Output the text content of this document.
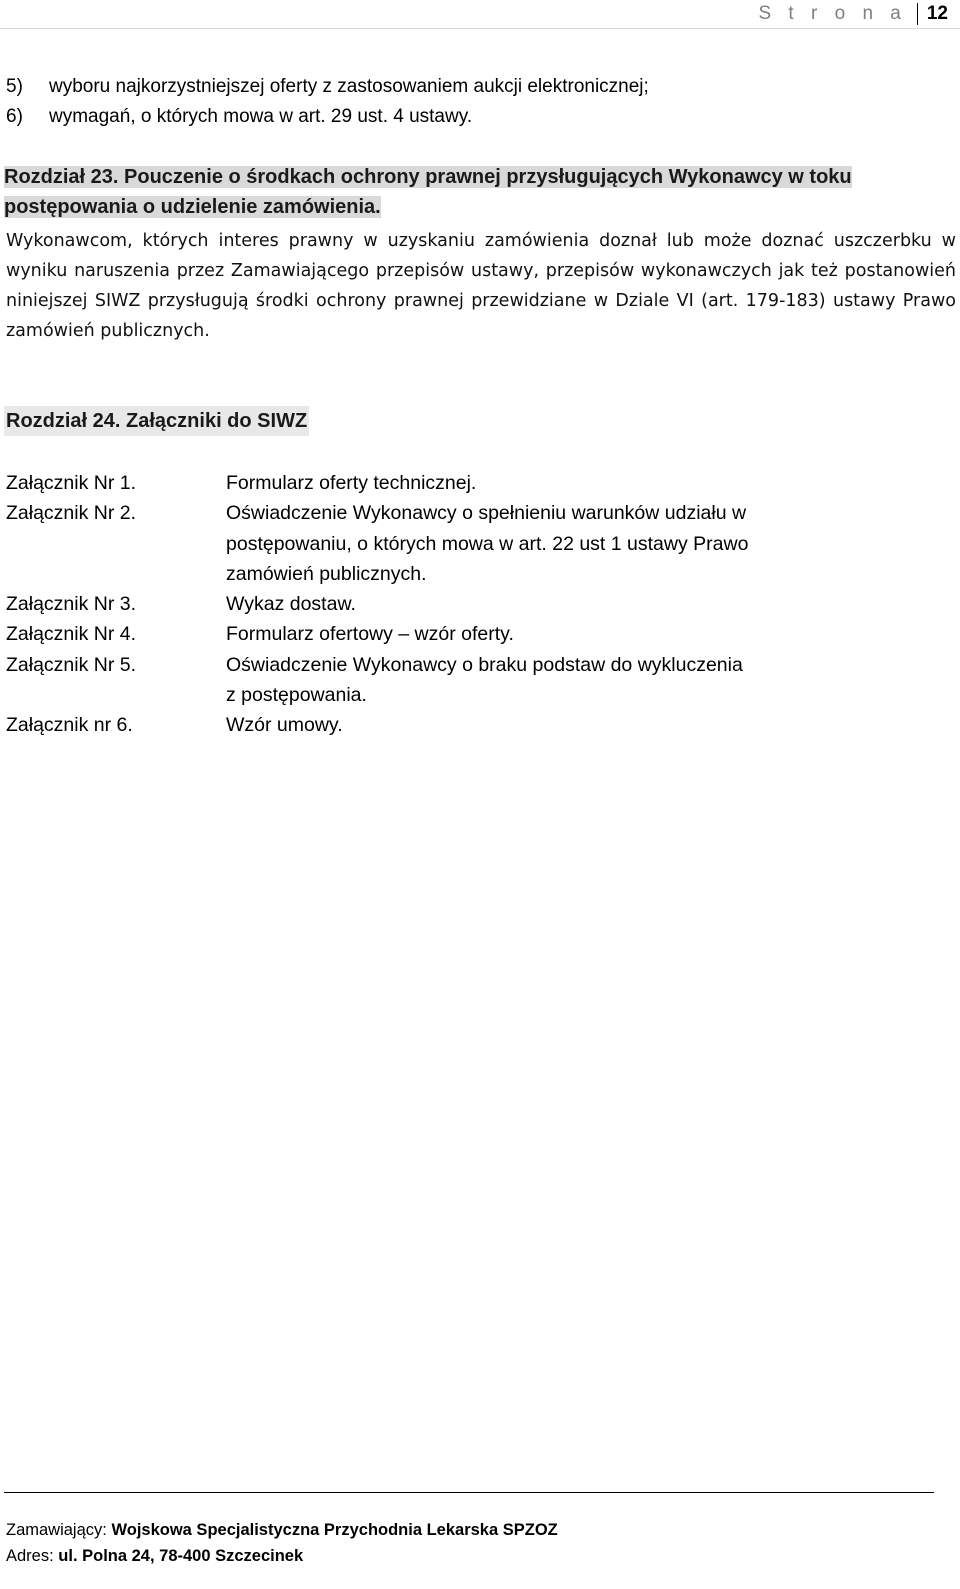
S t r o n a 12
5)	wyboru najkorzystniejszej oferty z zastosowaniem aukcji elektronicznej;
6)	wymagań, o których mowa w art. 29 ust. 4 ustawy.
Rozdział 23. Pouczenie o środkach ochrony prawnej przysługujących Wykonawcy w toku
postępowania o udzielenie zamówienia.
Wykonawcom, których interes prawny w uzyskaniu zamówienia doznał lub może doznać uszczerbku w wyniku naruszenia przez Zamawiającego przepisów ustawy, przepisów wykonawczych jak też postanowień niniejszej SIWZ przysługują środki ochrony prawnej przewidziane w Dziale VI (art. 179-183) ustawy Prawo zamówień publicznych.
Rozdział 24. Załączniki do SIWZ
Załącznik Nr 1.	Formularz oferty technicznej.
Załącznik Nr 2.	Oświadczenie Wykonawcy o spełnieniu warunków udziału w
postępowaniu, o których mowa w art. 22 ust 1 ustawy Prawo
zamówień publicznych.
Załącznik Nr 3.	Wykaz dostaw.
Załącznik Nr 4.	Formularz ofertowy – wzór oferty.
Załącznik Nr 5.	Oświadczenie Wykonawcy o braku podstaw do wykluczenia
z postępowania.
Załącznik nr 6.	Wzór umowy.
Zamawiający: Wojskowa Specjalistyczna Przychodnia Lekarska SPZOZ
Adres: ul. Polna 24, 78-400 Szczecinek
